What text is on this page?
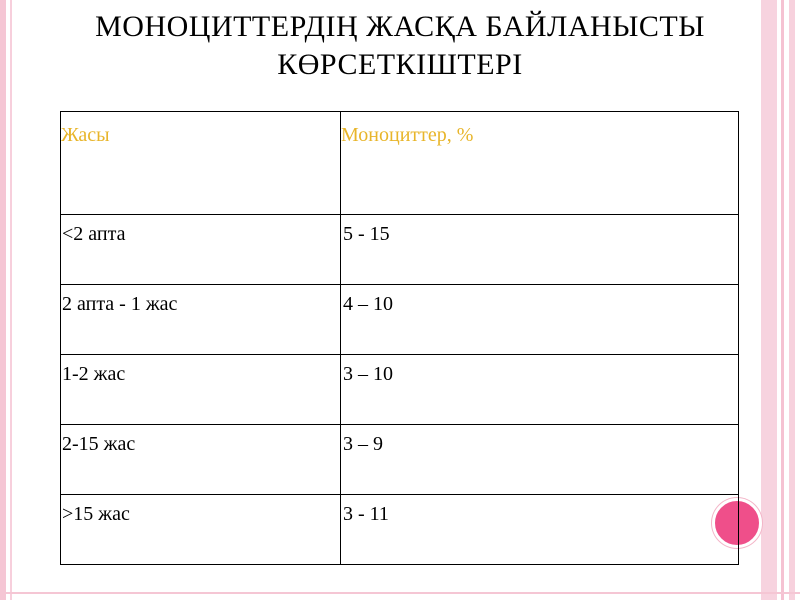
МОНОЦИТТЕРДІҢ ЖАСҚА БАЙЛАНЫСТЫ
КӨРСЕТКІШТЕРІ
Жасы	Моноциттер, %

<2 апта	5 - 15

2 апта - 1 жас	4 – 10

1-2 жас	3 – 10

2-15 жас	3 – 9

>15 жас	3 - 11
